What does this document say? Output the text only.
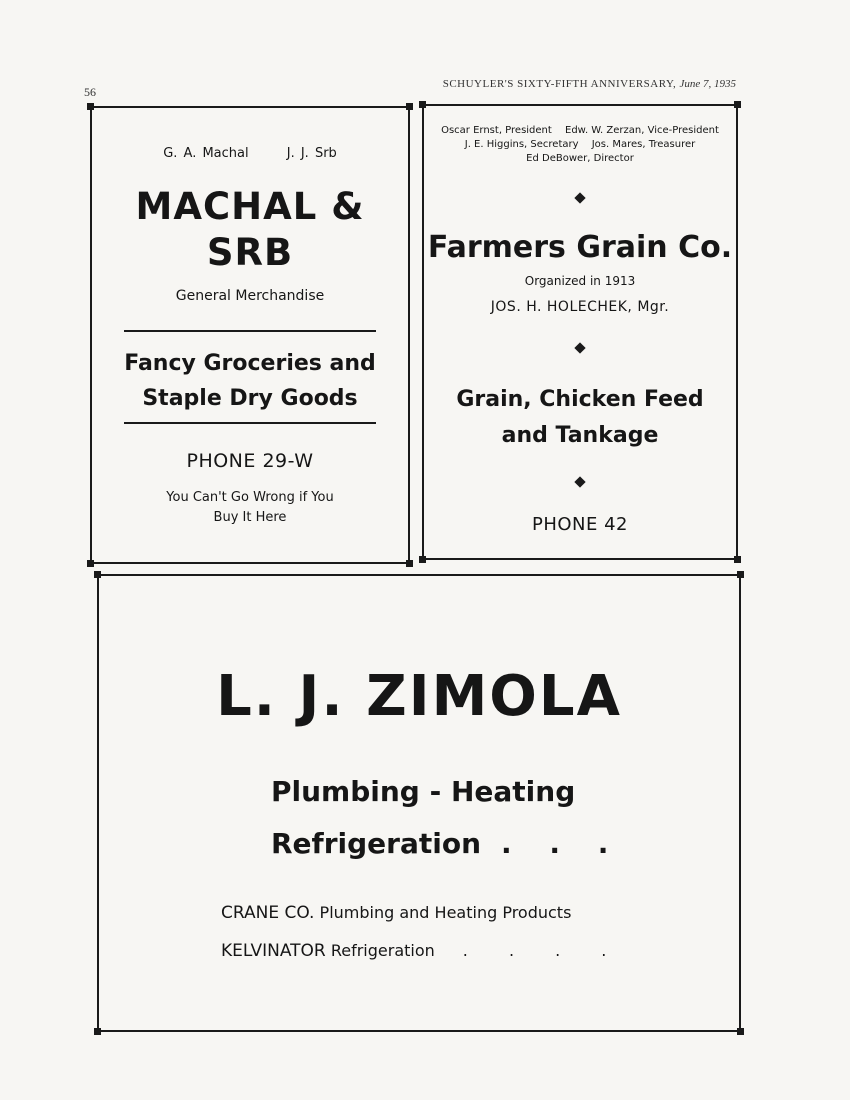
56
SCHUYLER'S SIXTY-FIFTH ANNIVERSARY, June 7, 1935
G. A. Machal	J. J. Srb
MACHAL &
SRB
General Merchandise
Fancy Groceries and
Staple Dry Goods
PHONE 29-W
You Can't Go Wrong if You
Buy It Here
Oscar Ernst, President Edw. W. Zerzan, Vice-President
J. E. Higgins, Secretary Jos. Mares, Treasurer
Ed DeBower, Director
Farmers Grain Co.
Organized in 1913
JOS. H. HOLECHEK, Mgr.
Grain, Chicken Feed
and Tankage
PHONE 42
L. J. ZIMOLA
Plumbing - Heating
Refrigeration . . .
CRANE CO. Plumbing and Heating Products
KELVINATOR Refrigeration . . . .
